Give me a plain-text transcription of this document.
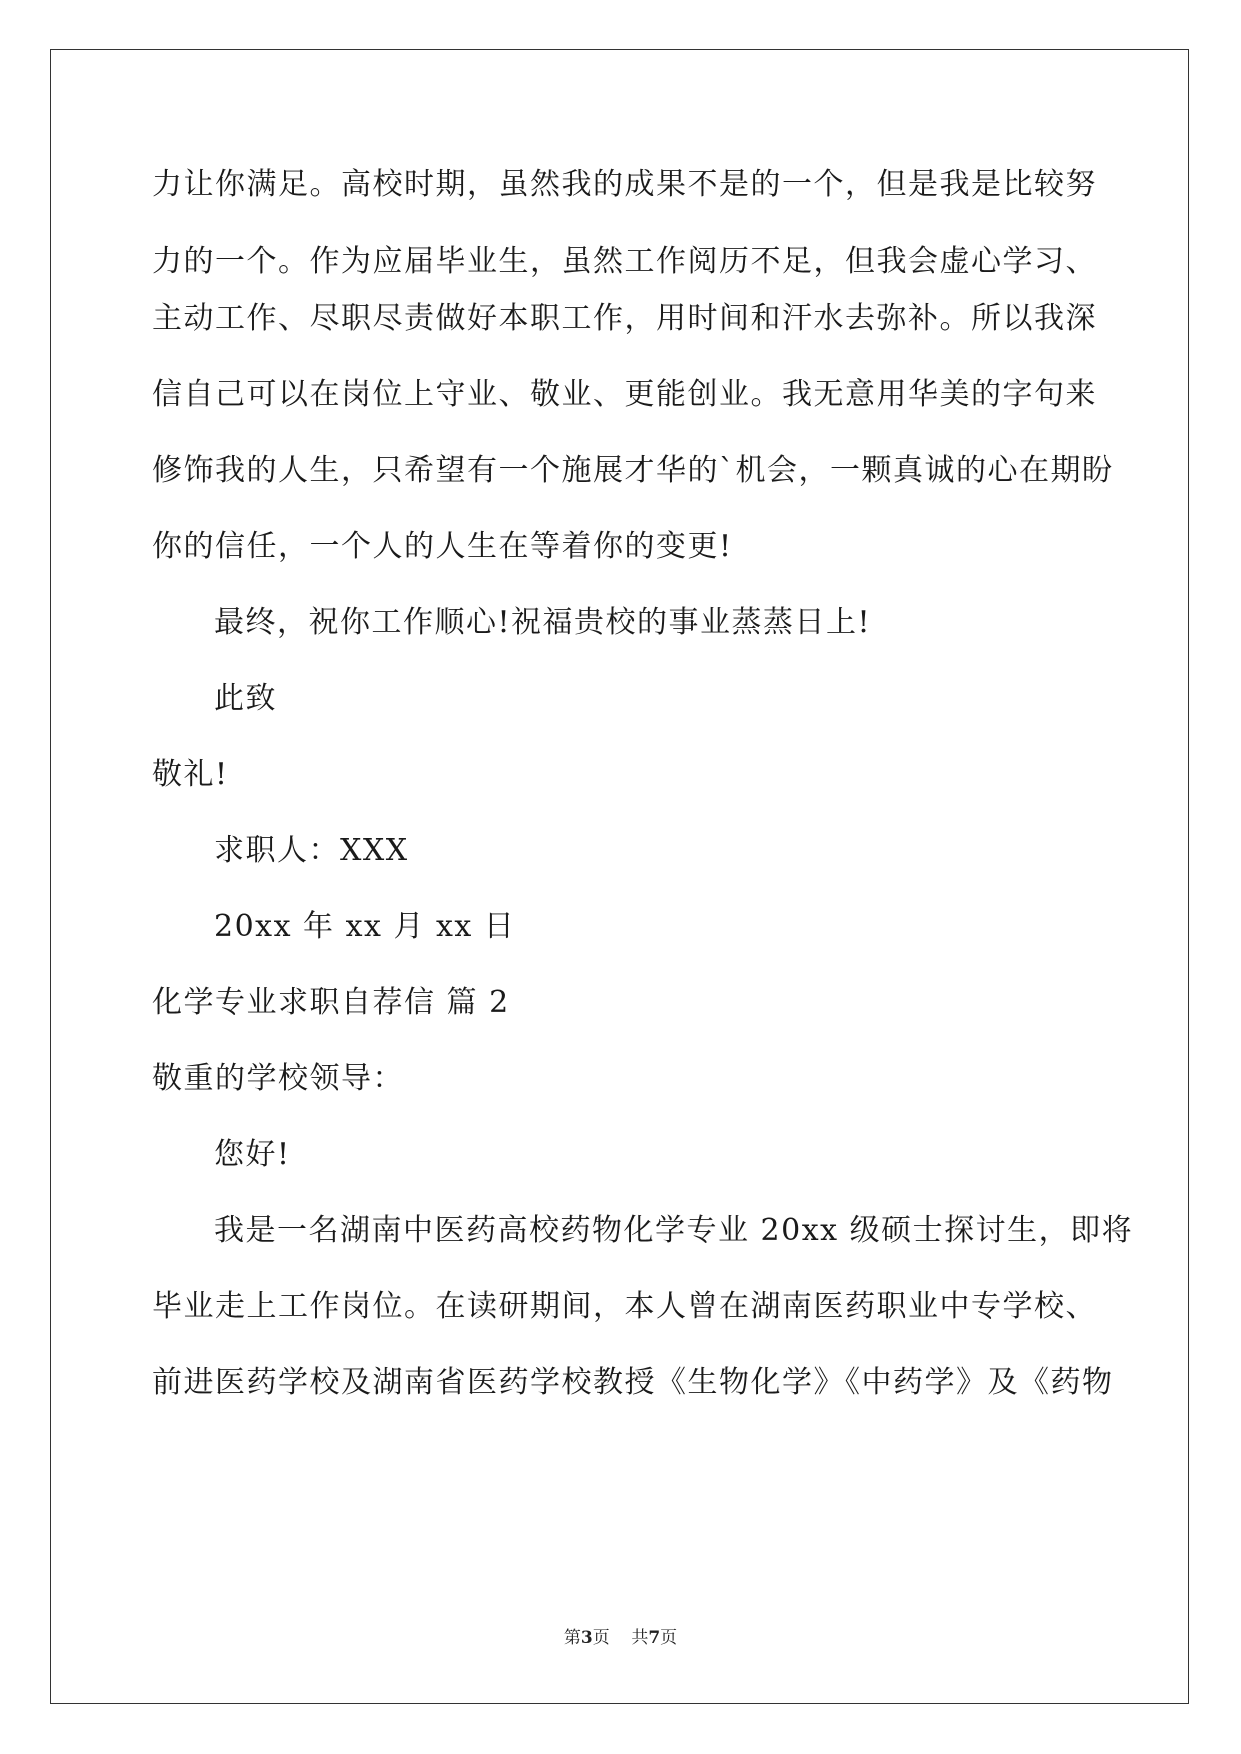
力让你满足。高校时期，虽然我的成果不是的一个，但是我是比较努
力的一个。作为应届毕业生，虽然工作阅历不足，但我会虚心学习、
主动工作、尽职尽责做好本职工作，用时间和汗水去弥补。所以我深
信自己可以在岗位上守业、敬业、更能创业。我无意用华美的字句来
修饰我的人生，只希望有一个施展才华的`机会，一颗真诚的心在期盼
你的信任，一个人的人生在等着你的变更!
最终，祝你工作顺心!祝福贵校的事业蒸蒸日上!
此致
敬礼!
求职人：XXX
20xx 年 xx 月 xx 日
化学专业求职自荐信 篇 2
敬重的学校领导：
您好!
我是一名湖南中医药高校药物化学专业 20xx 级硕士探讨生，即将
毕业走上工作岗位。在读研期间，本人曾在湖南医药职业中专学校、
前进医药学校及湖南省医药学校教授《生物化学》《中药学》及《药物
第3页 共7页
